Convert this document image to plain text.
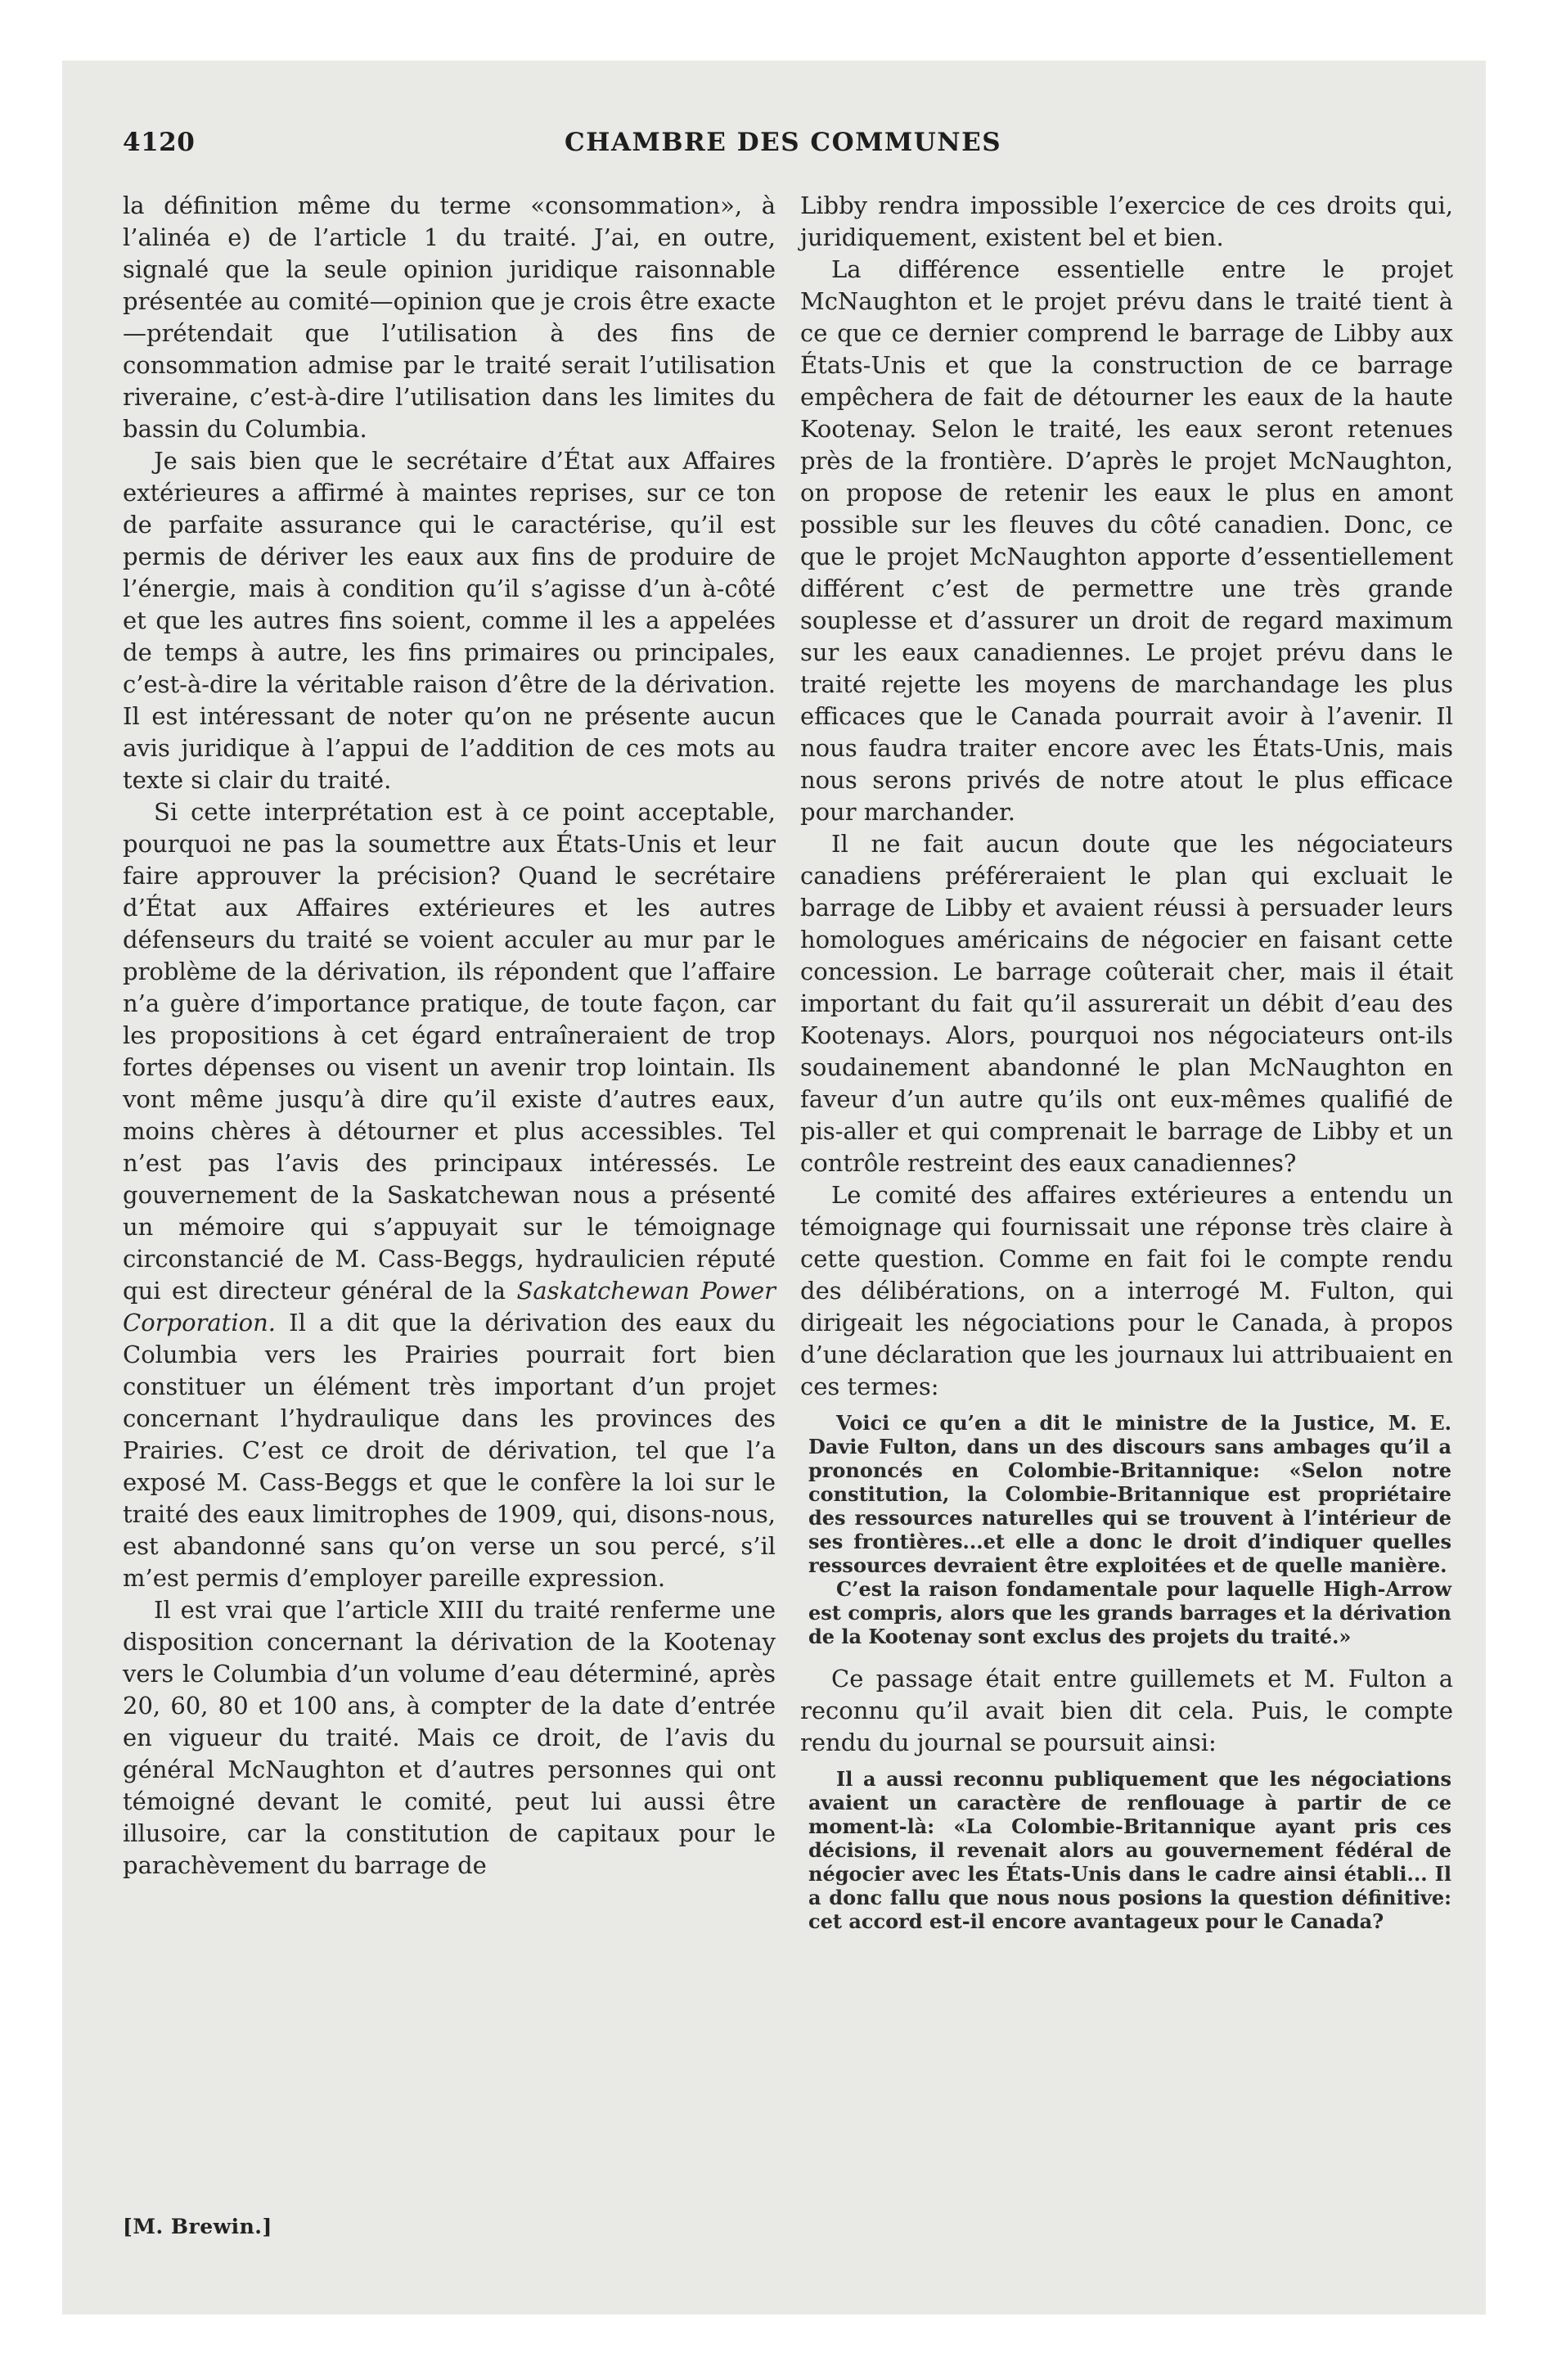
4120	CHAMBRE DES COMMUNES

la définition même du terme «consommation», à l’alinéa e) de l’article 1 du traité. J’ai, en outre, signalé que la seule opinion juridique raisonnable présentée au comité—opinion que je crois être exacte—prétendait que l’utilisation à des fins de consommation admise par le traité serait l’utilisation riveraine, c’est-à-dire l’utilisation dans les limites du bassin du Columbia.

Je sais bien que le secrétaire d’État aux Affaires extérieures a affirmé à maintes reprises, sur ce ton de parfaite assurance qui le caractérise, qu’il est permis de dériver les eaux aux fins de produire de l’énergie, mais à condition qu’il s’agisse d’un à-côté et que les autres fins soient, comme il les a appelées de temps à autre, les fins primaires ou principales, c’est-à-dire la véritable raison d’être de la dérivation. Il est intéressant de noter qu’on ne présente aucun avis juridique à l’appui de l’addition de ces mots au texte si clair du traité.

Si cette interprétation est à ce point acceptable, pourquoi ne pas la soumettre aux États-Unis et leur faire approuver la précision? Quand le secrétaire d’État aux Affaires extérieures et les autres défenseurs du traité se voient acculer au mur par le problème de la dérivation, ils répondent que l’affaire n’a guère d’importance pratique, de toute façon, car les propositions à cet égard entraîneraient de trop fortes dépenses ou visent un avenir trop lointain. Ils vont même jusqu’à dire qu’il existe d’autres eaux, moins chères à détourner et plus accessibles. Tel n’est pas l’avis des principaux intéressés. Le gouvernement de la Saskatchewan nous a présenté un mémoire qui s’appuyait sur le témoignage circonstancié de M. Cass-Beggs, hydraulicien réputé qui est directeur général de la Saskatchewan Power Corporation. Il a dit que la dérivation des eaux du Columbia vers les Prairies pourrait fort bien constituer un élément très important d’un projet concernant l’hydraulique dans les provinces des Prairies. C’est ce droit de dérivation, tel que l’a exposé M. Cass-Beggs et que le confère la loi sur le traité des eaux limitrophes de 1909, qui, disons-nous, est abandonné sans qu’on verse un sou percé, s’il m’est permis d’employer pareille expression.

Il est vrai que l’article XIII du traité renferme une disposition concernant la dérivation de la Kootenay vers le Columbia d’un volume d’eau déterminé, après 20, 60, 80 et 100 ans, à compter de la date d’entrée en vigueur du traité. Mais ce droit, de l’avis du général McNaughton et d’autres personnes qui ont témoigné devant le comité, peut lui aussi être illusoire, car la constitution de capitaux pour le parachèvement du barrage de

Libby rendra impossible l’exercice de ces droits qui, juridiquement, existent bel et bien.

La différence essentielle entre le projet McNaughton et le projet prévu dans le traité tient à ce que ce dernier comprend le barrage de Libby aux États-Unis et que la construction de ce barrage empêchera de fait de détourner les eaux de la haute Kootenay. Selon le traité, les eaux seront retenues près de la frontière. D’après le projet McNaughton, on propose de retenir les eaux le plus en amont possible sur les fleuves du côté canadien. Donc, ce que le projet McNaughton apporte d’essentiellement différent c’est de permettre une très grande souplesse et d’assurer un droit de regard maximum sur les eaux canadiennes. Le projet prévu dans le traité rejette les moyens de marchandage les plus efficaces que le Canada pourrait avoir à l’avenir. Il nous faudra traiter encore avec les États-Unis, mais nous serons privés de notre atout le plus efficace pour marchander.

Il ne fait aucun doute que les négociateurs canadiens préféreraient le plan qui excluait le barrage de Libby et avaient réussi à persuader leurs homologues américains de négocier en faisant cette concession. Le barrage coûterait cher, mais il était important du fait qu’il assurerait un débit d’eau des Kootenays. Alors, pourquoi nos négociateurs ont-ils soudainement abandonné le plan McNaughton en faveur d’un autre qu’ils ont eux-mêmes qualifié de pis-aller et qui comprenait le barrage de Libby et un contrôle restreint des eaux canadiennes?

Le comité des affaires extérieures a entendu un témoignage qui fournissait une réponse très claire à cette question. Comme en fait foi le compte rendu des délibérations, on a interrogé M. Fulton, qui dirigeait les négociations pour le Canada, à propos d’une déclaration que les journaux lui attribuaient en ces termes:

Voici ce qu’en a dit le ministre de la Justice, M. E. Davie Fulton, dans un des discours sans ambages qu’il a prononcés en Colombie-Britannique: «Selon notre constitution, la Colombie-Britannique est propriétaire des ressources naturelles qui se trouvent à l’intérieur de ses frontières...et elle a donc le droit d’indiquer quelles ressources devraient être exploitées et de quelle manière.

C’est la raison fondamentale pour laquelle High-Arrow est compris, alors que les grands barrages et la dérivation de la Kootenay sont exclus des projets du traité.»

Ce passage était entre guillemets et M. Fulton a reconnu qu’il avait bien dit cela. Puis, le compte rendu du journal se poursuit ainsi:

Il a aussi reconnu publiquement que les négociations avaient un caractère de renflouage à partir de ce moment-là: «La Colombie-Britannique ayant pris ces décisions, il revenait alors au gouvernement fédéral de négocier avec les États-Unis dans le cadre ainsi établi... Il a donc fallu que nous nous posions la question définitive: cet accord est-il encore avantageux pour le Canada?

[M. Brewin.]
